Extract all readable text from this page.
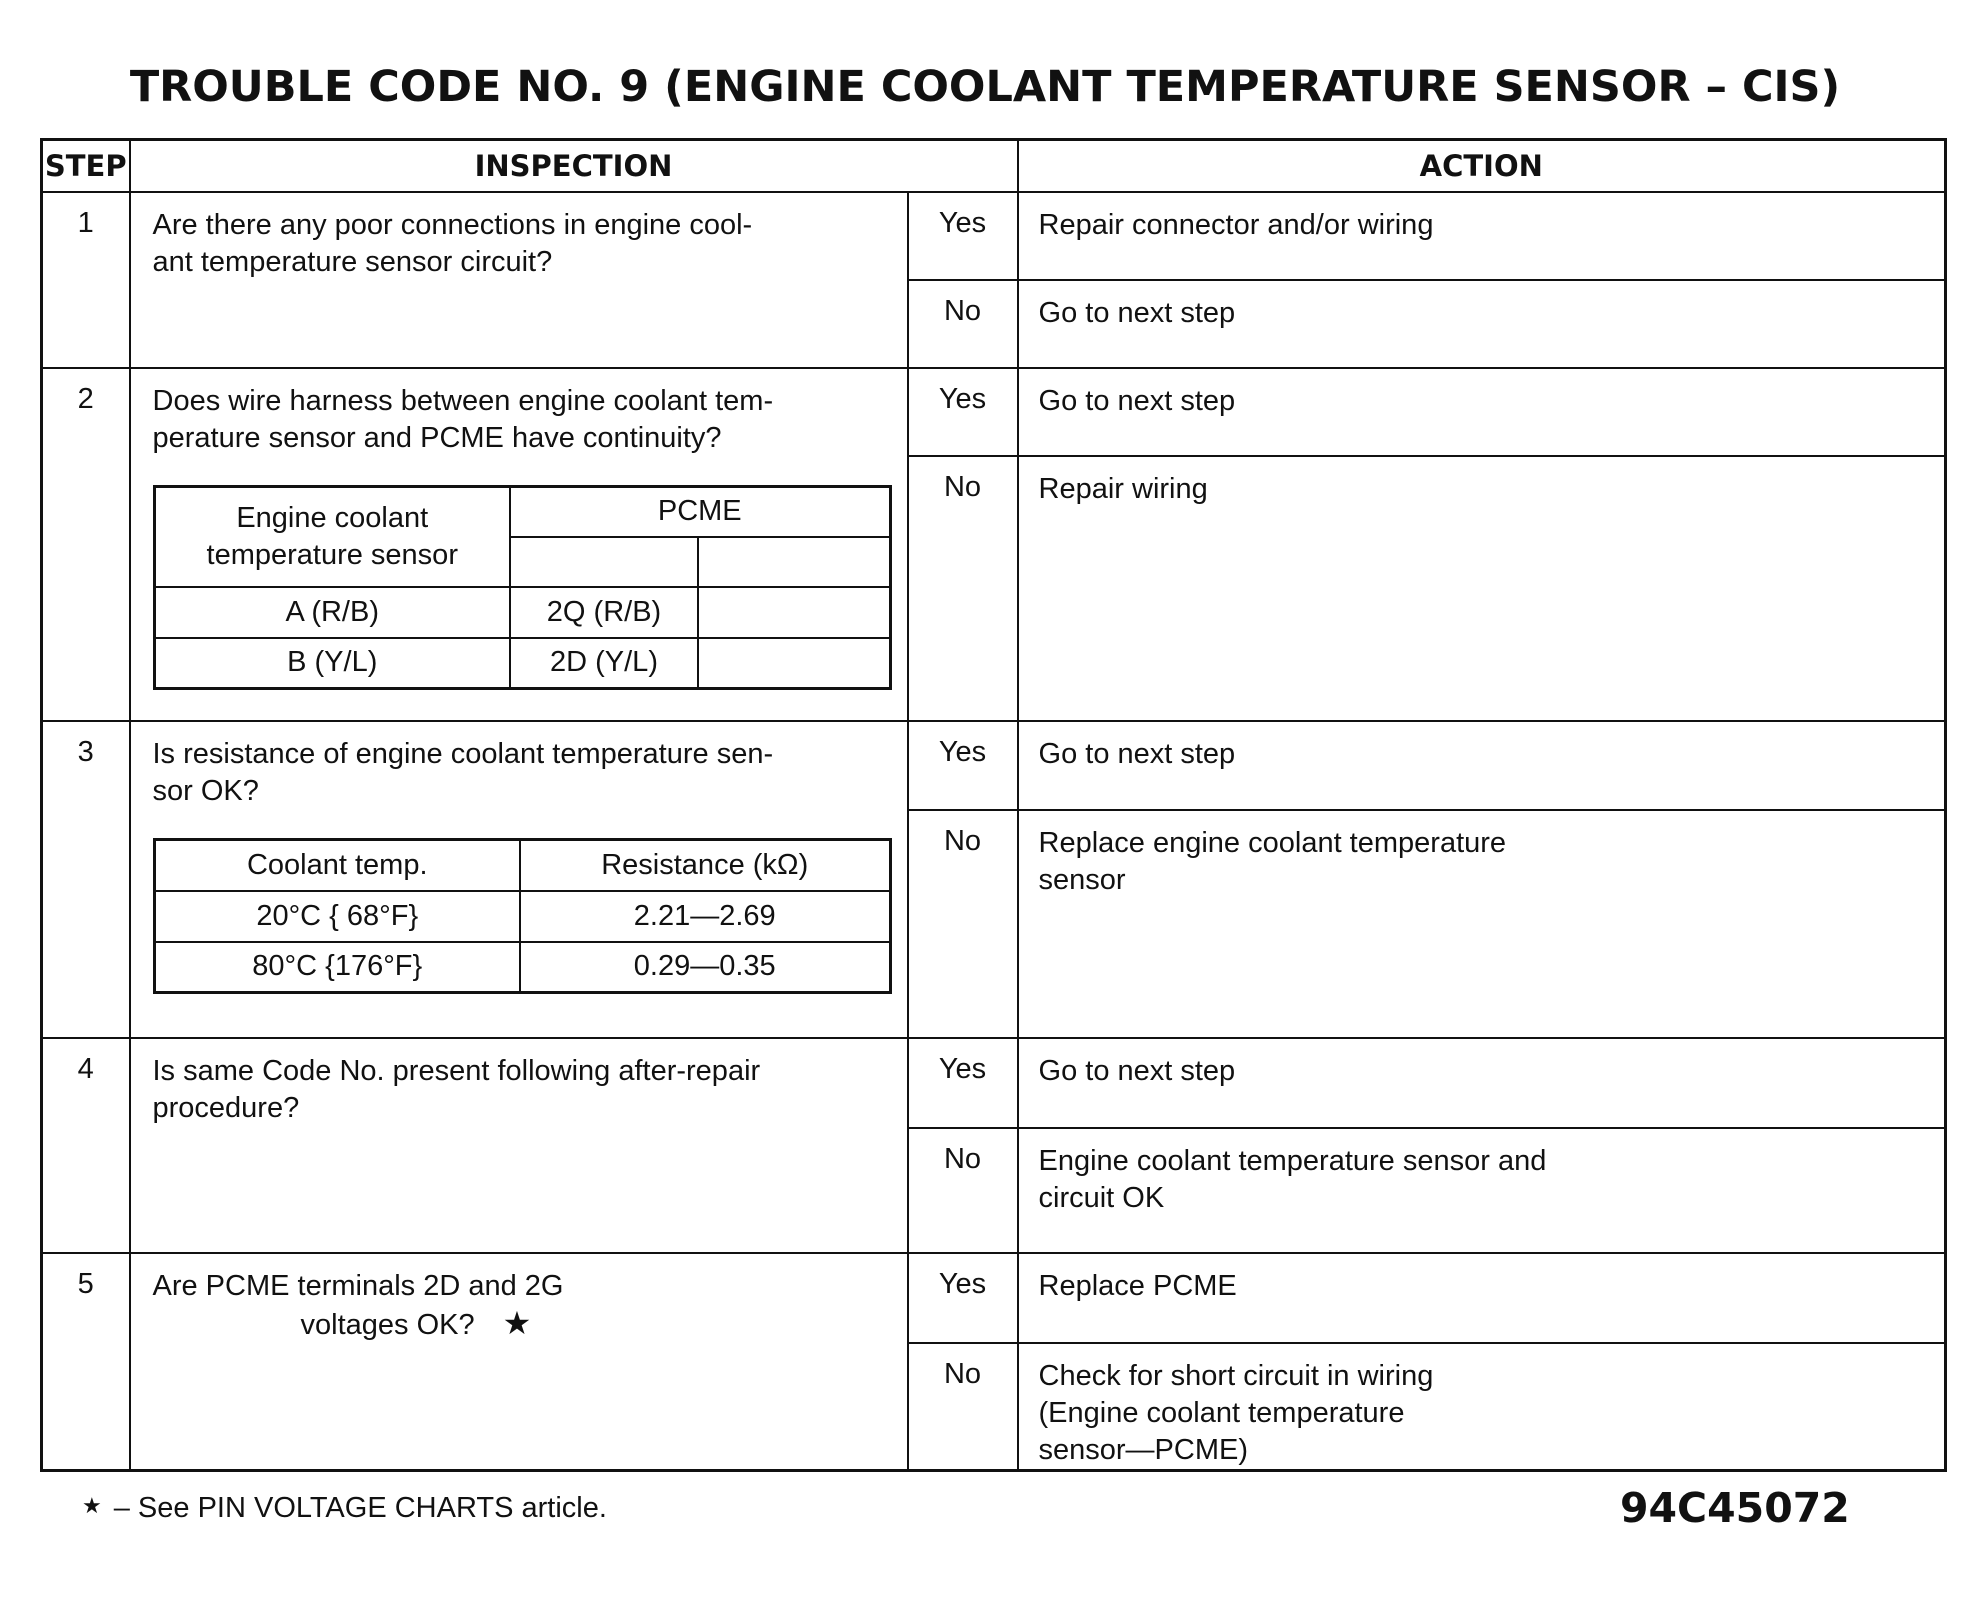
TROUBLE CODE NO. 9 (ENGINE COOLANT TEMPERATURE SENSOR – CIS)
STEP	INSPECTION	ACTION
1	Are there any poor connections in engine cool-
ant temperature sensor circuit?
	Yes	Repair connector and/or wiring

No	Go to next step

2	Does wire harness between engine coolant tem-
perature sensor and PCME have continuity?
Engine coolant
temperature sensor
	PCME

A (R/B)	2Q (R/B)	
B (Y/L)	2D (Y/L)	
	Yes	Go to next step

No	Repair wiring

3	Is resistance of engine coolant temperature sen-
sor OK?
Coolant temp.	Resistance (kΩ)
20°C { 68°F}	2.21—2.69
80°C {176°F}	0.29—0.35
	Yes	Go to next step

No	Replace engine coolant temperature
sensor

4	Is same Code No. present following after-repair
procedure?
	Yes	Go to next step

No	Engine coolant temperature sensor and
circuit OK

5	Are PCME terminals 2D and 2G
voltages OK? ★
	Yes	Replace PCME

No	Check for short circuit in wiring
(Engine coolant temperature
sensor—PCME)
★ – See PIN VOLTAGE CHARTS article.	94C45072
